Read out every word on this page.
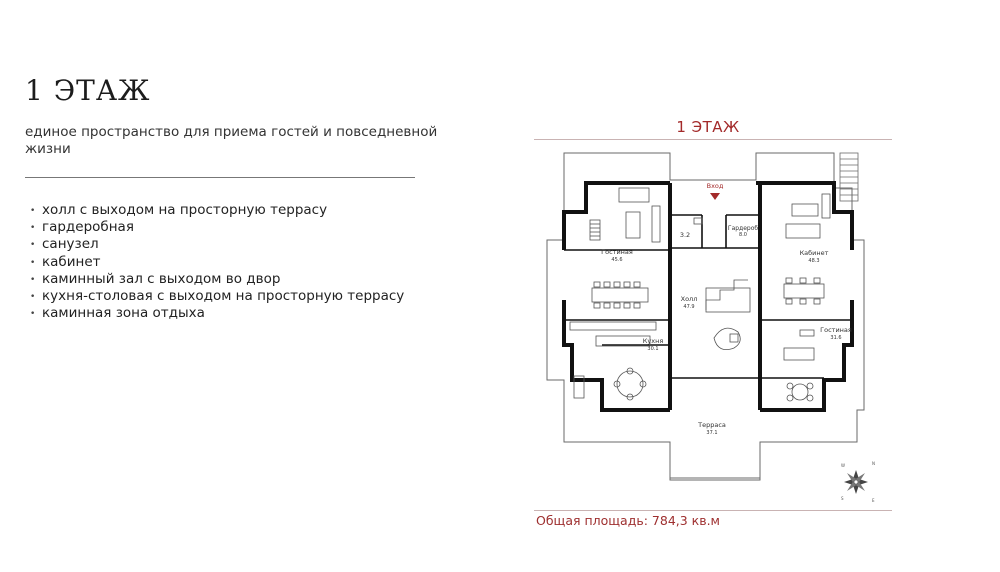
1 ЭТАЖ
единое пространство для приема гостей и повседневной жизни
• холл с выходом на просторную террасу
• гардеробная
• санузел
• кабинет
• каминный зал с выходом во двор
• кухня-столовая с выходом на просторную террасу
• каминная зона отдыха
1 ЭТАЖ
Вход
Гостиная
45.6
3.2
Гардероб
8.0
Кабинет
48.3
Холл
47.9
Кухня
30.1
Гостиная
31.6
Терраса
37.1
W	N
S	E
Общая площадь: 784,3 кв.м
